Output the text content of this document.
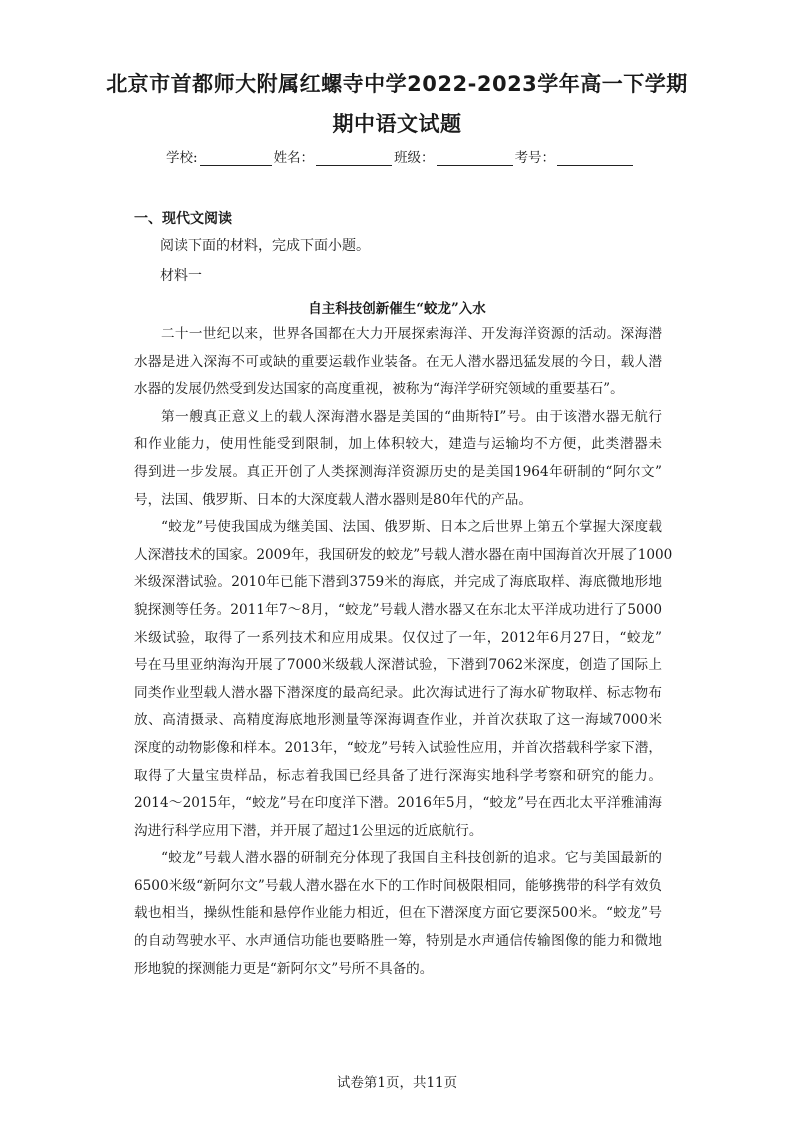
北京市首都师大附属红螺寺中学2022-2023学年高一下学期
期中语文试题
学校:	姓名：	班级：	考号：
一、现代文阅读
阅读下面的材料，完成下面小题。
材料一
自主科技创新催生“蛟龙”入水
二十一世纪以来，世界各国都在大力开展探索海洋、开发海洋资源的活动。深海潜
水器是进入深海不可或缺的重要运载作业装备。在无人潜水器迅猛发展的今日，载人潜
水器的发展仍然受到发达国家的高度重视，被称为“海洋学研究领域的重要基石”。
第一艘真正意义上的载人深海潜水器是美国的“曲斯特I”号。由于该潜水器无航行
和作业能力，使用性能受到限制，加上体积较大，建造与运输均不方便，此类潜器未
得到进一步发展。真正开创了人类探测海洋资源历史的是美国1964年研制的“阿尔文”
号，法国、俄罗斯、日本的大深度载人潜水器则是80年代的产品。
“蛟龙”号使我国成为继美国、法国、俄罗斯、日本之后世界上第五个掌握大深度载
人深潜技术的国家。2009年，我国研发的蛟龙”号载人潜水器在南中国海首次开展了1000
米级深潜试验。2010年已能下潜到3759米的海底，并完成了海底取样、海底微地形地
貌探测等任务。2011年7～8月，“蛟龙”号载人潜水器又在东北太平洋成功进行了5000
米级试验，取得了一系列技术和应用成果。仅仅过了一年，2012年6月27日，“蛟龙”
号在马里亚纳海沟开展了7000米级载人深潜试验，下潜到7062米深度，创造了国际上
同类作业型载人潜水器下潜深度的最高纪录。此次海试进行了海水矿物取样、标志物布
放、高清摄录、高精度海底地形测量等深海调查作业，并首次获取了这一海域7000米
深度的动物影像和样本。2013年，“蛟龙”号转入试验性应用，并首次搭载科学家下潜，
取得了大量宝贵样品，标志着我国已经具备了进行深海实地科学考察和研究的能力。
2014～2015年，“蛟龙”号在印度洋下潜。2016年5月，“蛟龙”号在西北太平洋雅浦海
沟进行科学应用下潜，并开展了超过1公里远的近底航行。
“蛟龙”号载人潜水器的研制充分体现了我国自主科技创新的追求。它与美国最新的
6500米级“新阿尔文”号载人潜水器在水下的工作时间极限相同，能够携带的科学有效负
载也相当，操纵性能和悬停作业能力相近，但在下潜深度方面它要深500米。“蛟龙”号
的自动驾驶水平、水声通信功能也要略胜一筹，特别是水声通信传输图像的能力和微地
形地貌的探测能力更是“新阿尔文”号所不具备的。
试卷第1页，共11页
